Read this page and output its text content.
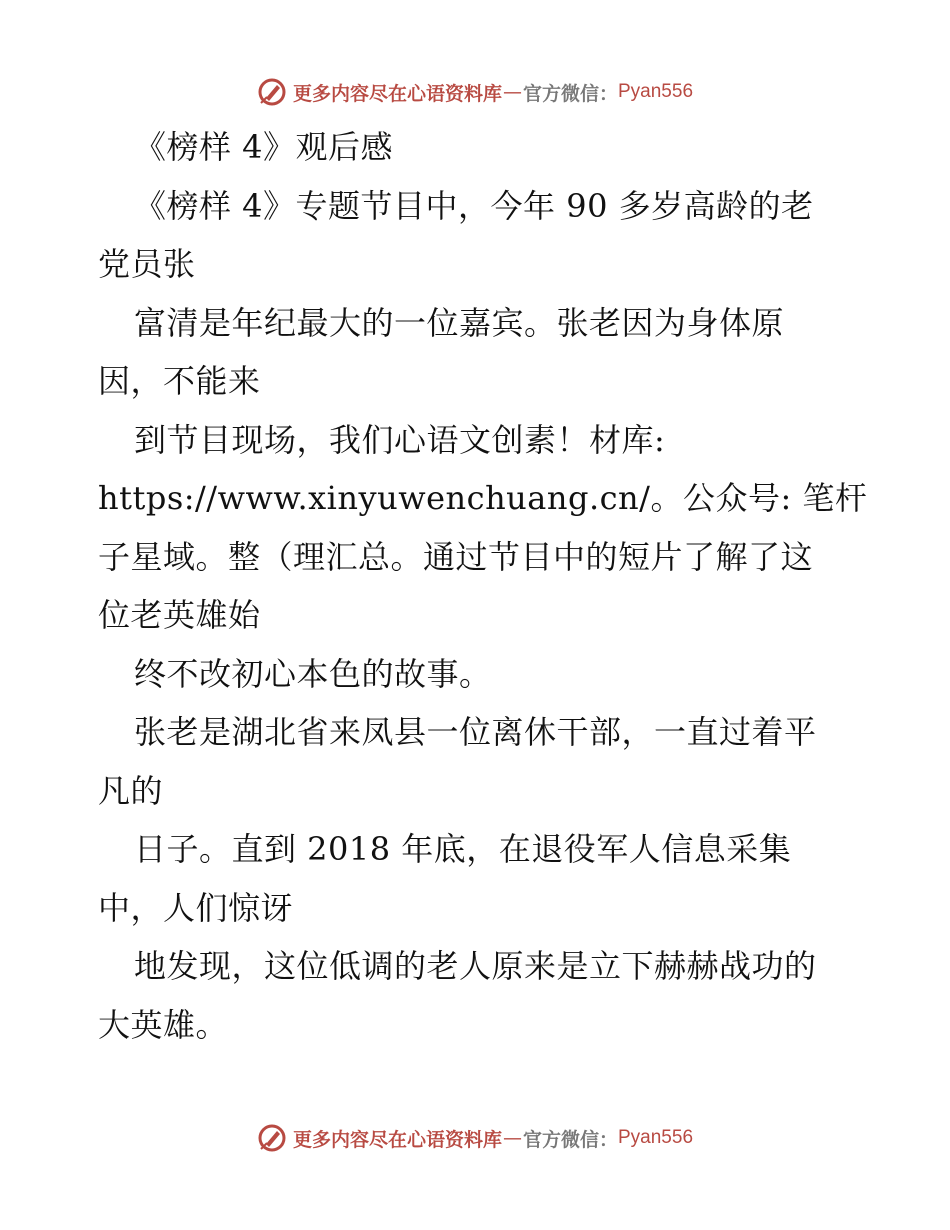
更多内容尽在心语资料库 — 官方微信： Pyan556
《榜样 4》观后感
《榜样 4》专题节目中，今年 90 多岁高龄的老
党员张
富清是年纪最大的一位嘉宾。张老因为身体原
因，不能来
到节目现场，我们心语文创素！材库:
https://www.xinyuwenchuang.cn/。公众号: 笔杆
子星域。整（理汇总。通过节目中的短片了解了这
位老英雄始
终不改初心本色的故事。
张老是湖北省来凤县一位离休干部，一直过着平
凡的
日子。直到 2018 年底，在退役军人信息采集
中，人们惊讶
地发现，这位低调的老人原来是立下赫赫战功的
大英雄。
更多内容尽在心语资料库 — 官方微信： Pyan556
